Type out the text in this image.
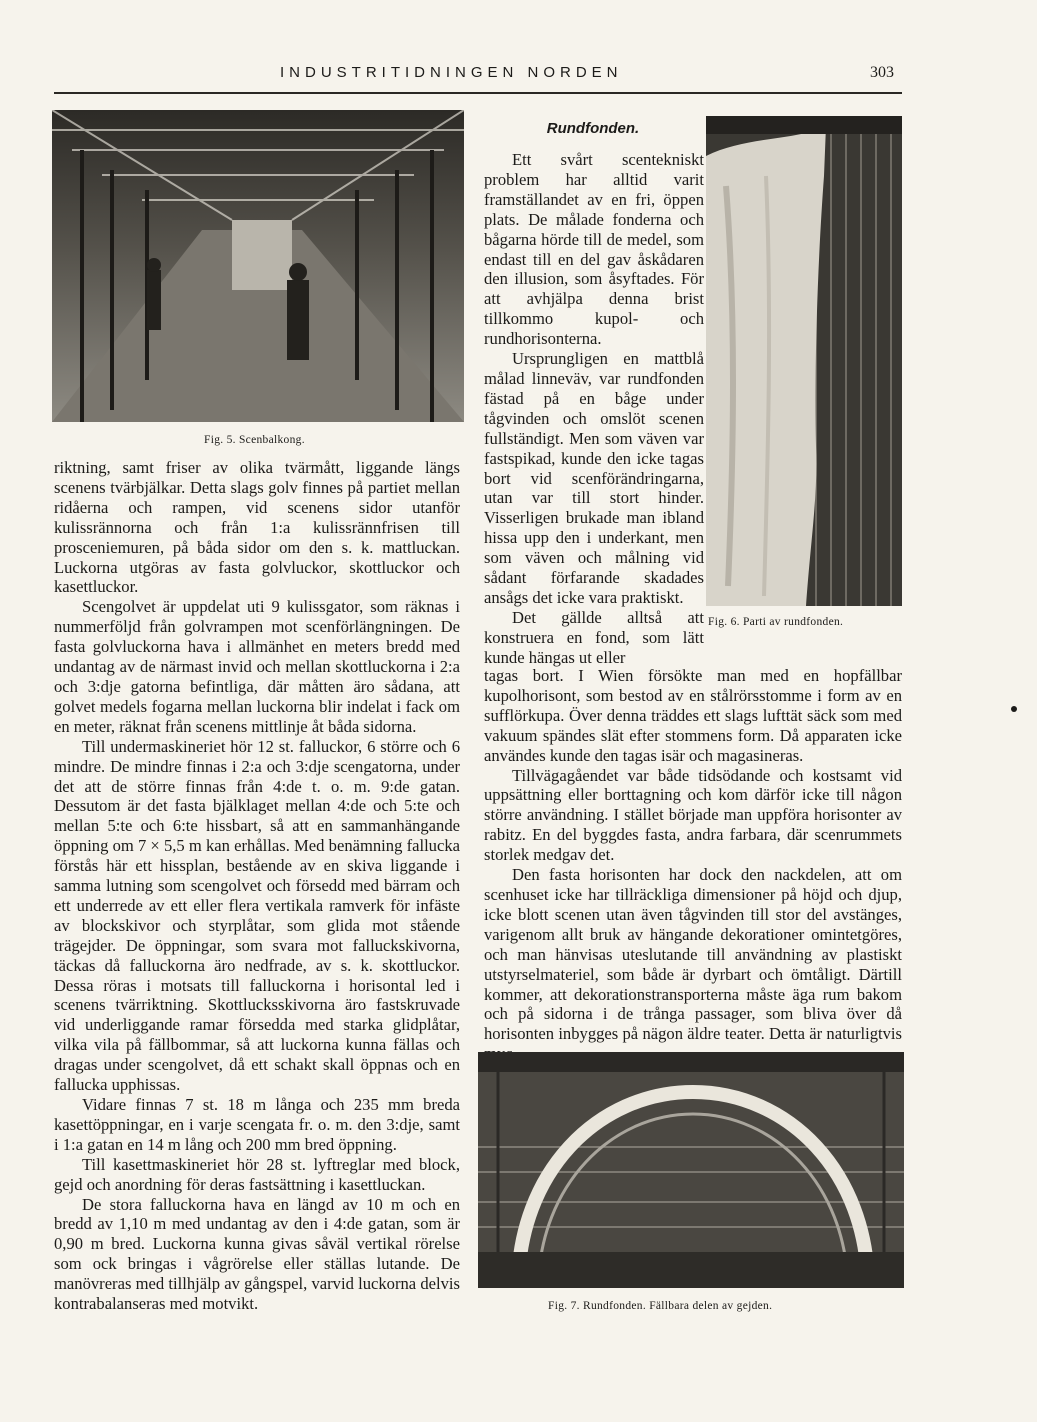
INDUSTRITIDNINGEN NORDEN	303
Fig. 5. Scenbalkong.

riktning, samt friser av olika tvärmått, liggande längs scenens tvärbjälkar. Detta slags golv finnes på partiet mellan ridåerna och rampen, vid scenens sidor utanför kulissrännorna och från 1:a kulissrännfrisen till prosceniemuren, på båda sidor om den s. k. mattluckan. Luckorna utgöras av fasta golvluckor, skottluckor och kasettluckor.

Scengolvet är uppdelat uti 9 kulissgator, som räknas i nummerföljd från golvrampen mot scenförlängningen. De fasta golvluckorna hava i allmänhet en meters bredd med undantag av de närmast invid och mellan skottluckorna i 2:a och 3:dje gatorna befintliga, där måtten äro sådana, att golvet medels fogarna mellan luckorna blir indelat i fack om en meter, räknat från scenens mittlinje åt båda sidorna.

Till undermaskineriet hör 12 st. falluckor, 6 större och 6 mindre. De mindre finnas i 2:a och 3:dje scengatorna, under det att de större finnas från 4:de t. o. m. 9:de gatan. Dessutom är det fasta bjälklaget mellan 4:de och 5:te och mellan 5:te och 6:te hissbart, så att en sammanhängande öppning om 7 × 5,5 m kan erhållas. Med benämning fallucka förstås här ett hissplan, bestående av en skiva liggande i samma lutning som scengolvet och försedd med bärram och ett underrede av ett eller flera vertikala ramverk för infäste av blockskivor och styrplåtar, som glida mot stående trägejder. De öppningar, som svara mot falluckskivorna, täckas då falluckorna äro nedfrade, av s. k. skottluckor. Dessa röras i motsats till falluckorna i horisontal led i scenens tvärriktning. Skottlucksskivorna äro fastskruvade vid underliggande ramar försedda med starka glidplåtar, vilka vila på fällbommar, så att luckorna kunna fällas och dragas under scengolvet, då ett schakt skall öppnas och en fallucka upphissas.

Vidare finnas 7 st. 18 m långa och 235 mm breda kasettöppningar, en i varje scengata fr. o. m. den 3:dje, samt i 1:a gatan en 14 m lång och 200 mm bred öppning.

Till kasettmaskineriet hör 28 st. lyftreglar med block, gejd och anordning för deras fastsättning i kasettluckan.

De stora falluckorna hava en längd av 10 m och en bredd av 1,10 m med undantag av den i 4:de gatan, som är 0,90 m bred. Luckorna kunna givas såväl vertikal rörelse som ock bringas i vågrörelse eller ställas lutande. De manövreras med tillhjälp av gångspel, varvid luckorna delvis kontrabalanseras med motvikt.

Rundfonden.

Ett svårt scentekniskt problem har alltid varit framställandet av en fri, öppen plats. De målade fonderna och bågarna hörde till de medel, som endast till en del gav åskådaren den illusion, som åsyftades. För att avhjälpa denna brist tillkommo kupol- och rundhorisonterna.

Ursprungligen en mattblå målad linneväv, var rundfonden fästad på en båge under tågvinden och omslöt scenen fullständigt. Men som väven var fastspikad, kunde den icke tagas bort vid scenförändringarna, utan var till stort hinder. Visserligen brukade man ibland hissa upp den i underkant, men som väven och målning vid sådant förfarande skadades ansågs det icke vara praktiskt.

Det gällde alltså att konstruera en fond, som lätt kunde hängas ut eller

Fig. 6. Parti av rundfonden.

tagas bort. I Wien försökte man med en hopfällbar kupolhorisont, som bestod av en stålrörsstomme i form av en sufflörkupa. Över denna träddes ett slags lufttät säck som med vakuum spändes slät efter stommens form. Då apparaten icke användes kunde den tagas isär och magasineras.

Tillvägagåendet var både tidsödande och kostsamt vid uppsättning eller borttagning och kom därför icke till någon större användning. I stället började man uppföra horisonter av rabitz. En del byggdes fasta, andra farbara, där scenrummets storlek medgav det.

Den fasta horisonten har dock den nackdelen, att om scenhuset icke har tillräckliga dimensioner på höjd och djup, icke blott scenen utan även tågvinden till stor del avstänges, varigenom allt bruk av hängande dekorationer omintetgöres, och man hänvisas uteslutande till användning av plastiskt utstyrselmateriel, som både är dyrbart och ömtåligt. Därtill kommer, att dekorationstransporterna måste äga rum bakom och på sidorna i de trånga passager, som bliva över då horisonten inbygges på nägon äldre teater. Detta är naturligtvis

Fig. 7. Rundfonden. Fällbara delen av gejden.
